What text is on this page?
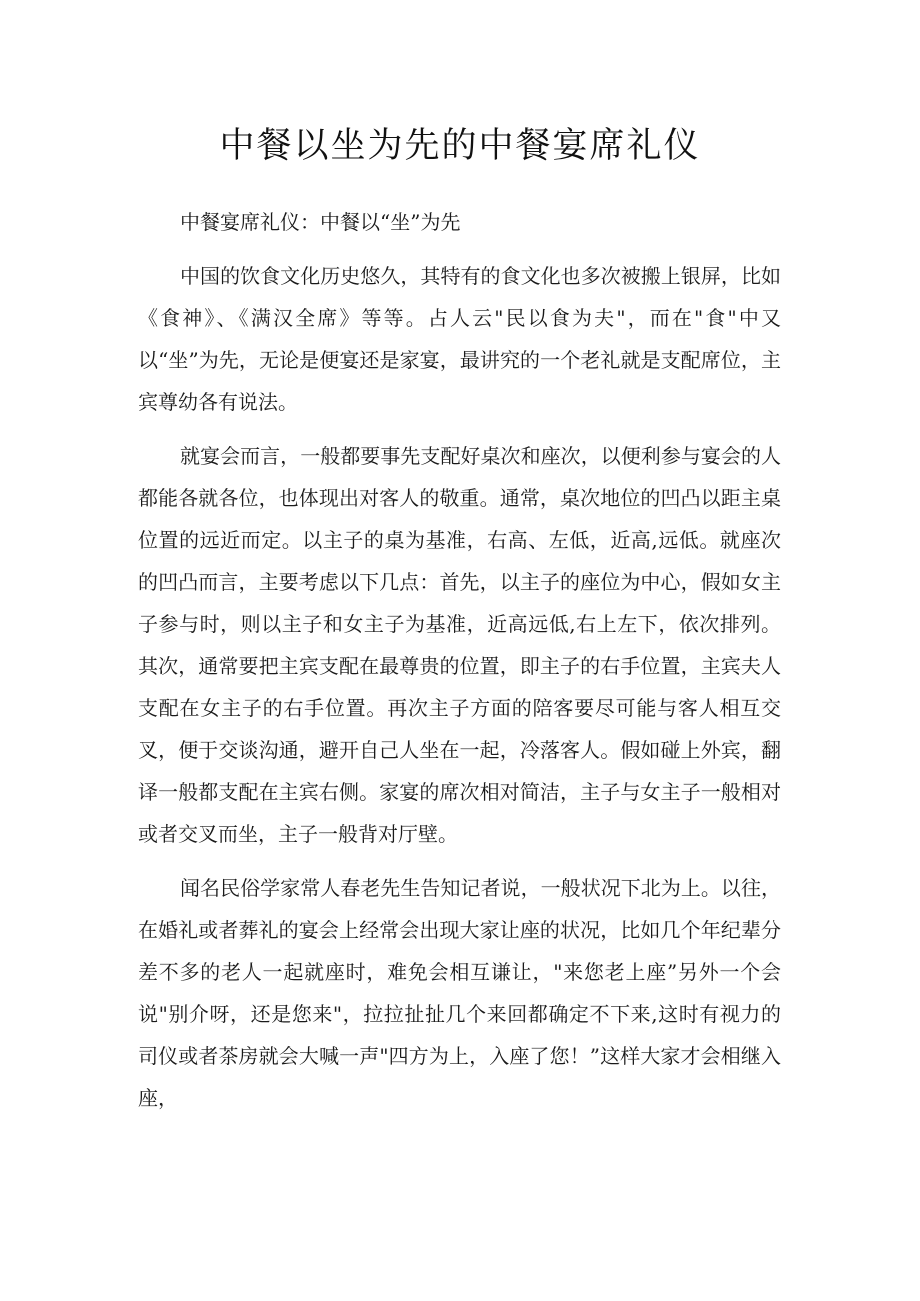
中餐以坐为先的中餐宴席礼仪

中餐宴席礼仪：中餐以“坐”为先

中国的饮食文化历史悠久，其特有的食文化也多次被搬上银屏，比如《食神》、《满汉全席》等等。占人云"民以食为夫"，而在"食"中又以“坐”为先，无论是便宴还是家宴，最讲究的一个老礼就是支配席位，主宾尊幼各有说法。

就宴会而言，一般都要事先支配好桌次和座次，以便利参与宴会的人都能各就各位，也体现出对客人的敬重。通常，桌次地位的凹凸以距主桌位置的远近而定。以主子的桌为基准，右高、左低，近高,远低。就座次的凹凸而言，主要考虑以下几点：首先，以主子的座位为中心，假如女主子参与时，则以主子和女主子为基准，近高远低,右上左下，依次排列。其次，通常要把主宾支配在最尊贵的位置，即主子的右手位置，主宾夫人支配在女主子的右手位置。再次主子方面的陪客要尽可能与客人相互交叉，便于交谈沟通，避开自己人坐在一起，冷落客人。假如碰上外宾，翻译一般都支配在主宾右侧。家宴的席次相对简洁，主子与女主子一般相对或者交叉而坐，主子一般背对厅壁。

闻名民俗学家常人春老先生告知记者说，一般状况下北为上。以往，在婚礼或者葬礼的宴会上经常会出现大家让座的状况，比如几个年纪辈分差不多的老人一起就座时，难免会相互谦让，"来您老上座”另外一个会说"别介呀，还是您来"，拉拉扯扯几个来回都确定不下来,这时有视力的司仪或者茶房就会大喊一声"四方为上，入座了您！”这样大家才会相继入座，
